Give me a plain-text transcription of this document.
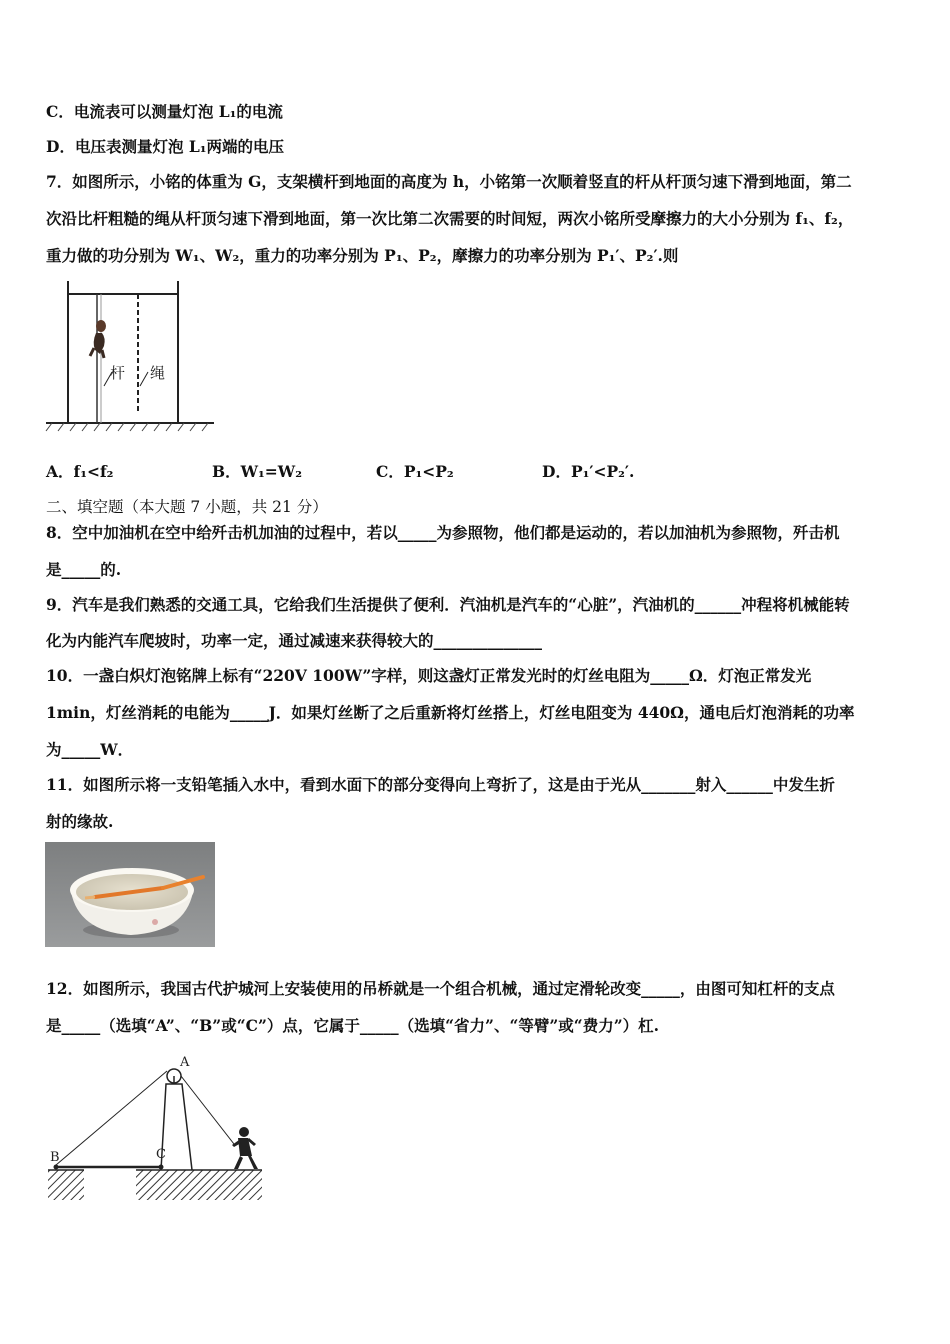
C．电流表可以测量灯泡 L₁的电流
D．电压表测量灯泡 L₁两端的电压
7．如图所示，小铭的体重为 G，支架横杆到地面的高度为 h，小铭第一次顺着竖直的杆从杆顶匀速下滑到地面，第二
次沿比杆粗糙的绳从杆顶匀速下滑到地面，第一次比第二次需要的时间短，两次小铭所受摩擦力的大小分别为 f₁、f₂，
重力做的功分别为 W₁、W₂，重力的功率分别为 P₁、P₂，摩擦力的功率分别为 P₁′、P₂′.则
杆 绳
A．f₁<f₂	B．W₁=W₂	C．P₁<P₂	D．P₁′<P₂′.
二、填空题（本大题 7 小题，共 21 分）
8．空中加油机在空中给歼击机加油的过程中，若以_____为参照物，他们都是运动的，若以加油机为参照物，歼击机
是_____的.
9．汽车是我们熟悉的交通工具，它给我们生活提供了便利．汽油机是汽车的“心脏”，汽油机的______冲程将机械能转
化为内能汽车爬坡时，功率一定，通过减速来获得较大的______________
10．一盏白炽灯泡铭牌上标有“220V 100W”字样，则这盏灯正常发光时的灯丝电阻为_____Ω．灯泡正常发光
1min，灯丝消耗的电能为_____J．如果灯丝断了之后重新将灯丝搭上，灯丝电阻变为 440Ω，通电后灯泡消耗的功率
为_____W．
11．如图所示将一支铅笔插入水中，看到水面下的部分变得向上弯折了，这是由于光从_______射入______中发生折
射的缘故.
12．如图所示，我国古代护城河上安装使用的吊桥就是一个组合机械，通过定滑轮改变_____，由图可知杠杆的支点
是_____（选填“A”、“B”或“C”）点，它属于_____（选填“省力”、“等臂”或“费力”）杠.
A
B	C
